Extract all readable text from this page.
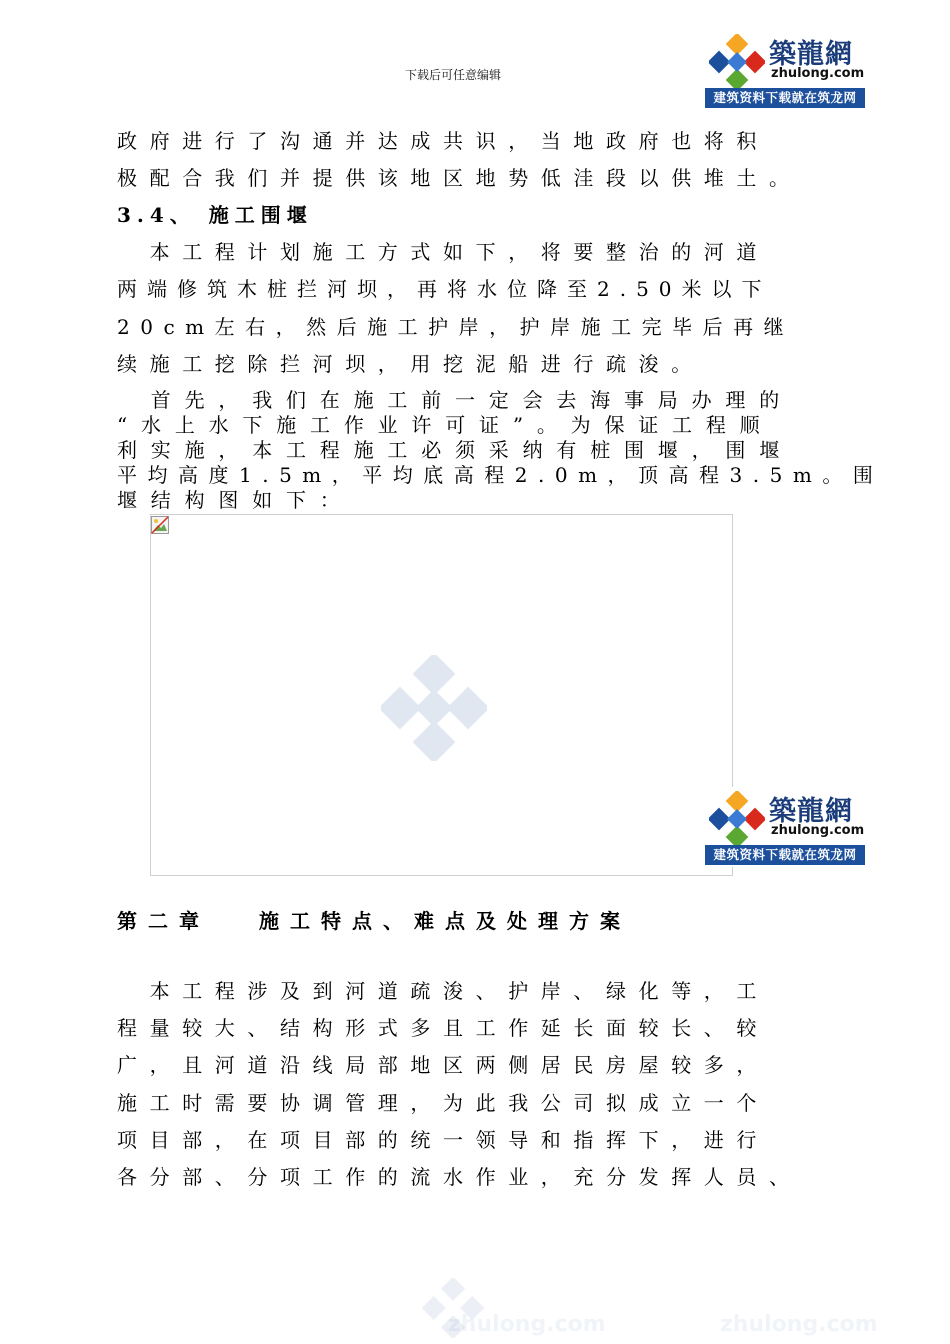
下载后可任意编辑
築龍網
zhulong.com
建筑资料下载就在筑龙网
政府进行了沟通并达成共识，当地政府也将积
极配合我们并提供该地区地势低洼段以供堆土。
3.4、 施工围堰
　本工程计划施工方式如下，将要整治的河道
两端修筑木桩拦河坝，再将水位降至2.50米以下
20cm左右，然后施工护岸，护岸施工完毕后再继
续施工挖除拦河坝，用挖泥船进行疏浚。
　首先，我们在施工前一定会去海事局办理的
“水上水下施工作业许可证”。为保证工程顺
利实施，本工程施工必须采纳有桩围堰，围堰
平均高度1.5m，平均底高程2.0m，顶高程3.5m。围
堰结构图如下：
築龍網
zhulong.com
建筑资料下载就在筑龙网
第二章　 施工特点、难点及处理方案
　本工程涉及到河道疏浚、护岸、绿化等，工
程量较大、结构形式多且工作延长面较长、较
广，且河道沿线局部地区两侧居民房屋较多，
施工时需要协调管理，为此我公司拟成立一个
项目部，在项目部的统一领导和指挥下，进行
各分部、分项工作的流水作业，充分发挥人员、
zhulong.com	zhulong.com
